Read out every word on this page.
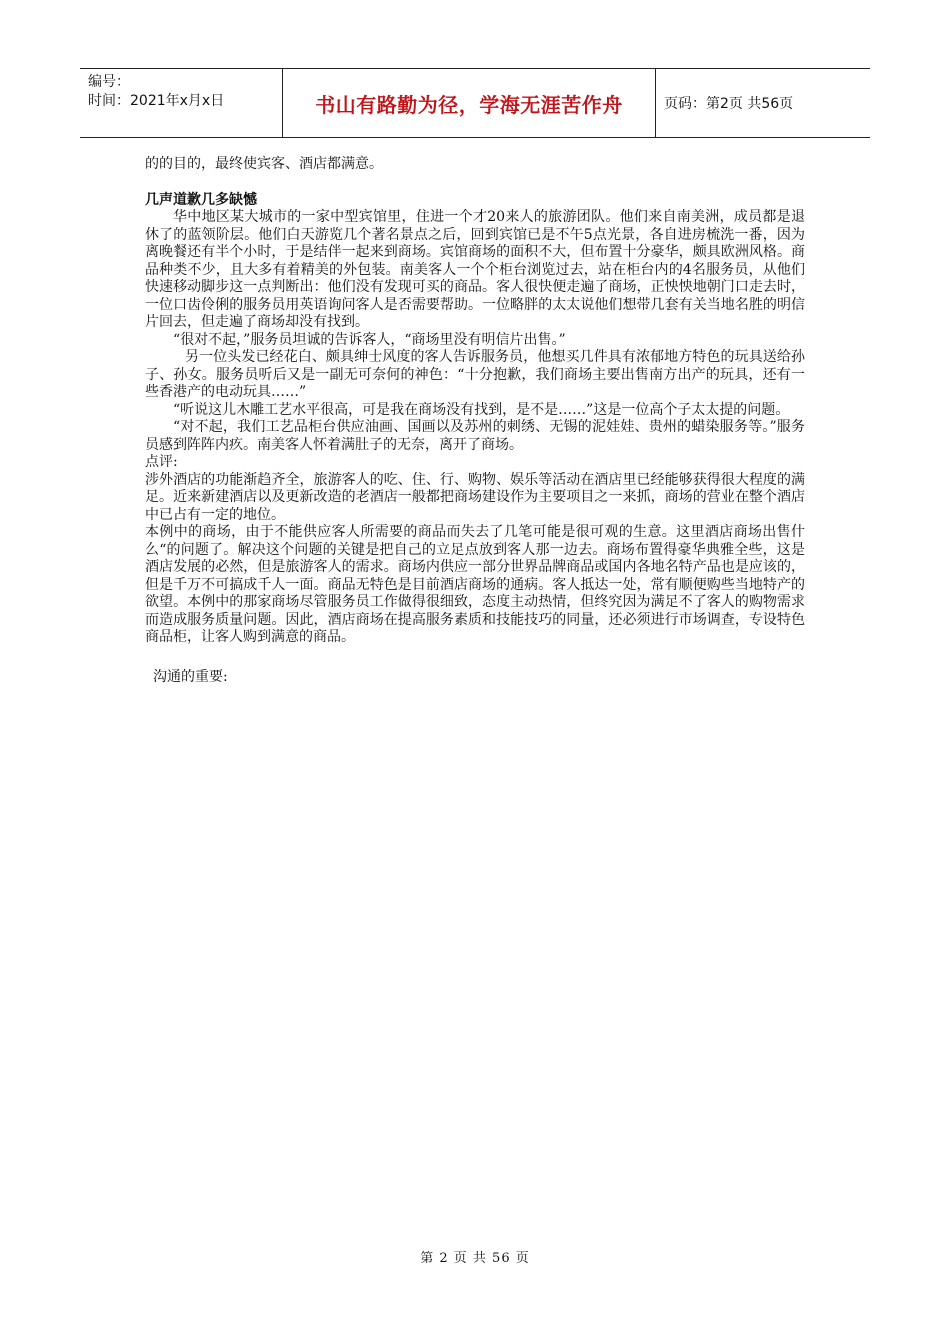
编号：
时间：2021年x月x日	书山有路勤为径，学海无涯苦作舟	页码：第2页 共56页

的的目的，最终使宾客、酒店都满意。

几声道歉几多缺憾

华中地区某大城市的一家中型宾馆里，住进一个才20来人的旅游团队。他们来自南美洲，成员都是退休了的蓝领阶层。他们白天游览几个著名景点之后，回到宾馆已是不午5点光景，各自进房梳洗一番，因为离晚餐还有半个小时，于是结伴一起来到商场。宾馆商场的面积不大，但布置十分豪华，颇具欧洲风格。商品种类不少，且大多有着精美的外包装。南美客人一个个柜台浏览过去，站在柜台内的4名服务员，从他们快速移动脚步这一点判断出：他们没有发现可买的商品。客人很快便走遍了商场，正怏怏地朝门口走去时，一位口齿伶俐的服务员用英语询问客人是否需要帮助。一位略胖的太太说他们想带几套有关当地名胜的明信片回去，但走遍了商场却没有找到。

“很对不起，”服务员坦诚的告诉客人，“商场里没有明信片出售。”

另一位头发已经花白、颇具绅士风度的客人告诉服务员，他想买几件具有浓郁地方特色的玩具送给孙子、孙女。服务员听后又是一副无可奈何的神色：“十分抱歉，我们商场主要出售南方出产的玩具，还有一些香港产的电动玩具……”

“听说这儿木雕工艺水平很高，可是我在商场没有找到，是不是……”这是一位高个子太太提的问题。

“对不起，我们工艺品柜台供应油画、国画以及苏州的刺绣、无锡的泥娃娃、贵州的蜡染服务等。”服务员感到阵阵内疚。南美客人怀着满肚子的无奈，离开了商场。

点评:

涉外酒店的功能渐趋齐全，旅游客人的吃、住、行、购物、娱乐等活动在酒店里已经能够获得很大程度的满足。近来新建酒店以及更新改造的老酒店一般都把商场建设作为主要项目之一来抓，商场的营业在整个酒店中已占有一定的地位。

本例中的商场，由于不能供应客人所需要的商品而失去了几笔可能是很可观的生意。这里酒店商场出售什么“的问题了。解决这个问题的关键是把自己的立足点放到客人那一边去。商场布置得豪华典雅全些，这是酒店发展的必然，但是旅游客人的需求。商场内供应一部分世界品牌商品或国内各地名特产品也是应该的，但是千万不可搞成千人一面。商品无特色是目前酒店商场的通病。客人抵达一处，常有顺便购些当地特产的欲望。本例中的那家商场尽管服务员工作做得很细致，态度主动热情，但终究因为满足不了客人的购物需求而造成服务质量问题。因此，酒店商场在提高服务素质和技能技巧的同量，还必须进行市场调查，专设特色商品柜，让客人购到满意的商品。

沟通的重要:

第 2 页 共 56 页
